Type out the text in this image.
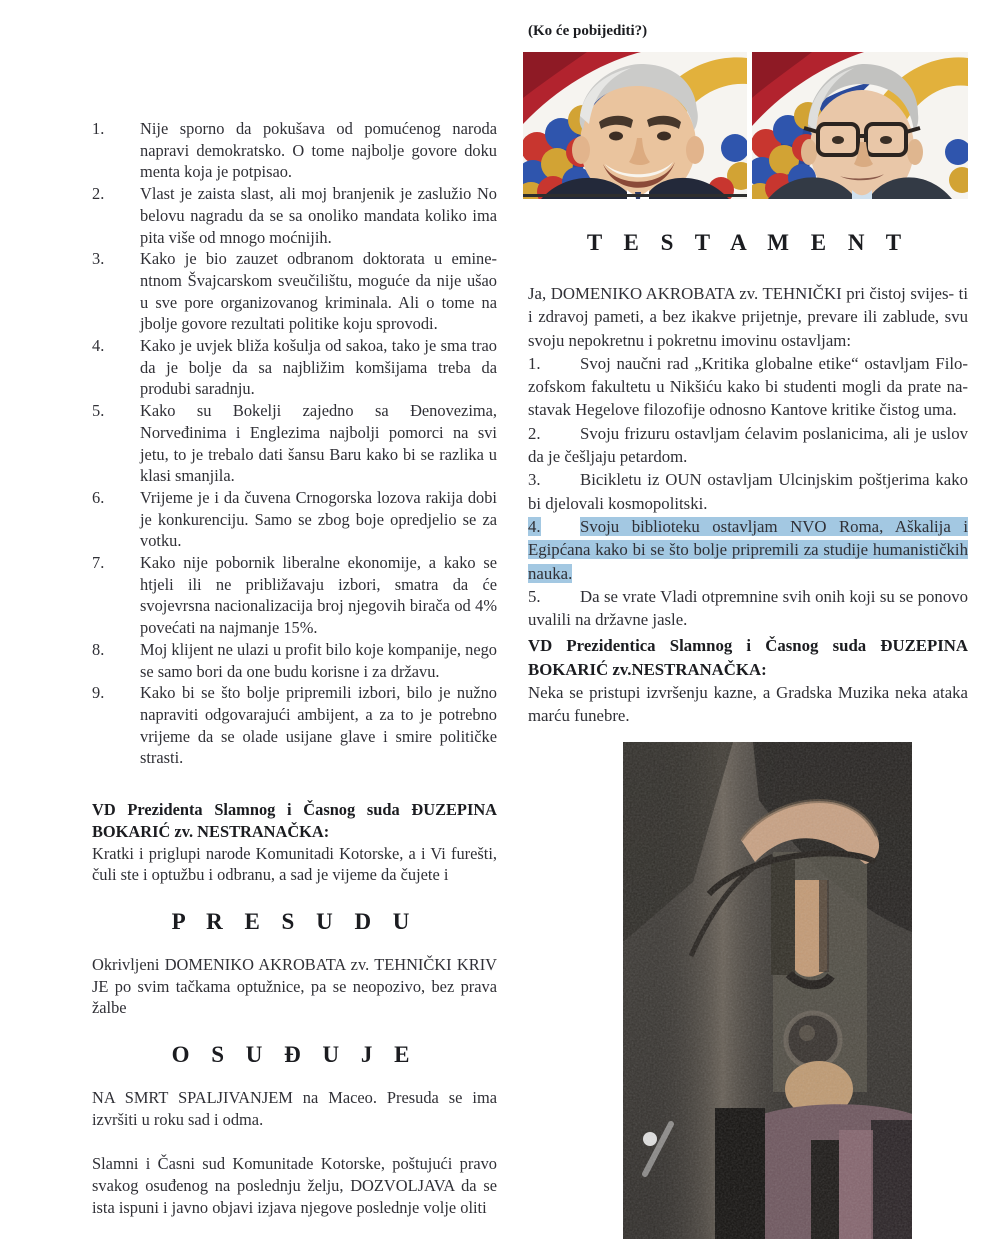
1.	Nije sporno da pokušava od pomućenog naroda napravi demokratsko. O tome najbolje govore doku menta koja je potpisao.
2.	Vlast je zaista slast, ali moj branjenik je zaslužio No belovu nagradu da se sa onoliko mandata koliko ima pita više od mnogo moćnijih.
3.	Kako je bio zauzet odbranom doktorata u emine- ntnom Švajcarskom sveučilištu, moguće da nije ušao u sve pore organizovanog kriminala. Ali o tome na jbolje govore rezultati politike koju sprovodi.
4.	Kako je uvjek bliža košulja od sakoa, tako je sma trao da je bolje da sa najbližim komšijama treba da produbi saradnju.
5.	Kako su Bokelji zajedno sa Đenovezima, Norveđinima i Englezima najbolji pomorci na svi jetu, to je trebalo dati šansu Baru kako bi se razlika u klasi smanjila.
6.	Vrijeme je i da čuvena Crnogorska lozova rakija dobi je konkurenciju. Samo se zbog boje opredjelio se za votku.
7.	Kako nije pobornik liberalne ekonomije, a kako se htjeli ili ne približavaju izbori, smatra da će svojevrsna nacionalizacija broj njegovih birača od 4% povećati na najmanje 15%.
8.	Moj klijent ne ulazi u profit bilo koje kompanije, nego se samo bori da one budu korisne i za državu.
9.	Kako bi se što bolje pripremili izbori, bilo je nužno napraviti odgovarajući ambijent, a za to je potrebno vrijeme da se olade usijane glave i smire političke strasti.
VD Prezidenta Slamnog i Časnog suda ĐUZEPINA BOKARIĆ zv. NESTRANAČKA:
Kratki i priglupi narode Komunitadi Kotorske, a i Vi furešti, čuli ste i optužbu i odbranu, a sad je vijeme da čujete i
P R E S U D U
Okrivljeni DOMENIKO AKROBATA zv. TEHNIČKI KRIV JE po svim tačkama optužnice, pa se neopozivo, bez prava žalbe
O S U Đ U J E
NA SMRT SPALJIVANJEM na Maceo. Presuda se ima izvršiti u roku sad i odma.
Slamni i Časni sud Komunitade Kotorske, poštujući pravo svakog osuđenog na poslednju želju, DOZVOLJAVA da se ista ispuni i javno objavi izjava njegove poslednje volje oliti
(Ko će pobijediti?)
T E S T A M E N T
Ja, DOMENIKO AKROBATA zv. TEHNIČKI pri čistoj svijes- ti i zdravoj pameti, a bez ikakve prijetnje, prevare ili zablude, svu svoju nepokretnu i pokretnu imovinu ostavljam:
1. Svoj naučni rad „Kritika globalne etike“ ostavljam Filo- zofskom fakultetu u Nikšiću kako bi studenti mogli da prate na- stavak Hegelove filozofije odnosno Kantove kritike čistog uma.
2. Svoju frizuru ostavljam ćelavim poslanicima, ali je uslov da je češljaju petardom.
3. Bicikletu iz OUN ostavljam Ulcinjskim poštjerima kako bi djelovali kosmopolitski.
4. Svoju biblioteku ostavljam NVO Roma, Aškalija i Egipćana kako bi se što bolje pripremili za studije humanističkih nauka.
5. Da se vrate Vladi otpremnine svih onih koji su se ponovo uvalili na državne jasle.
VD Prezidentica Slamnog i Časnog suda ĐUZEPINA BOKARIĆ zv.NESTRANAČKA:
Neka se pristupi izvršenju kazne, a Gradska Muzika neka ataka marću funebre.
